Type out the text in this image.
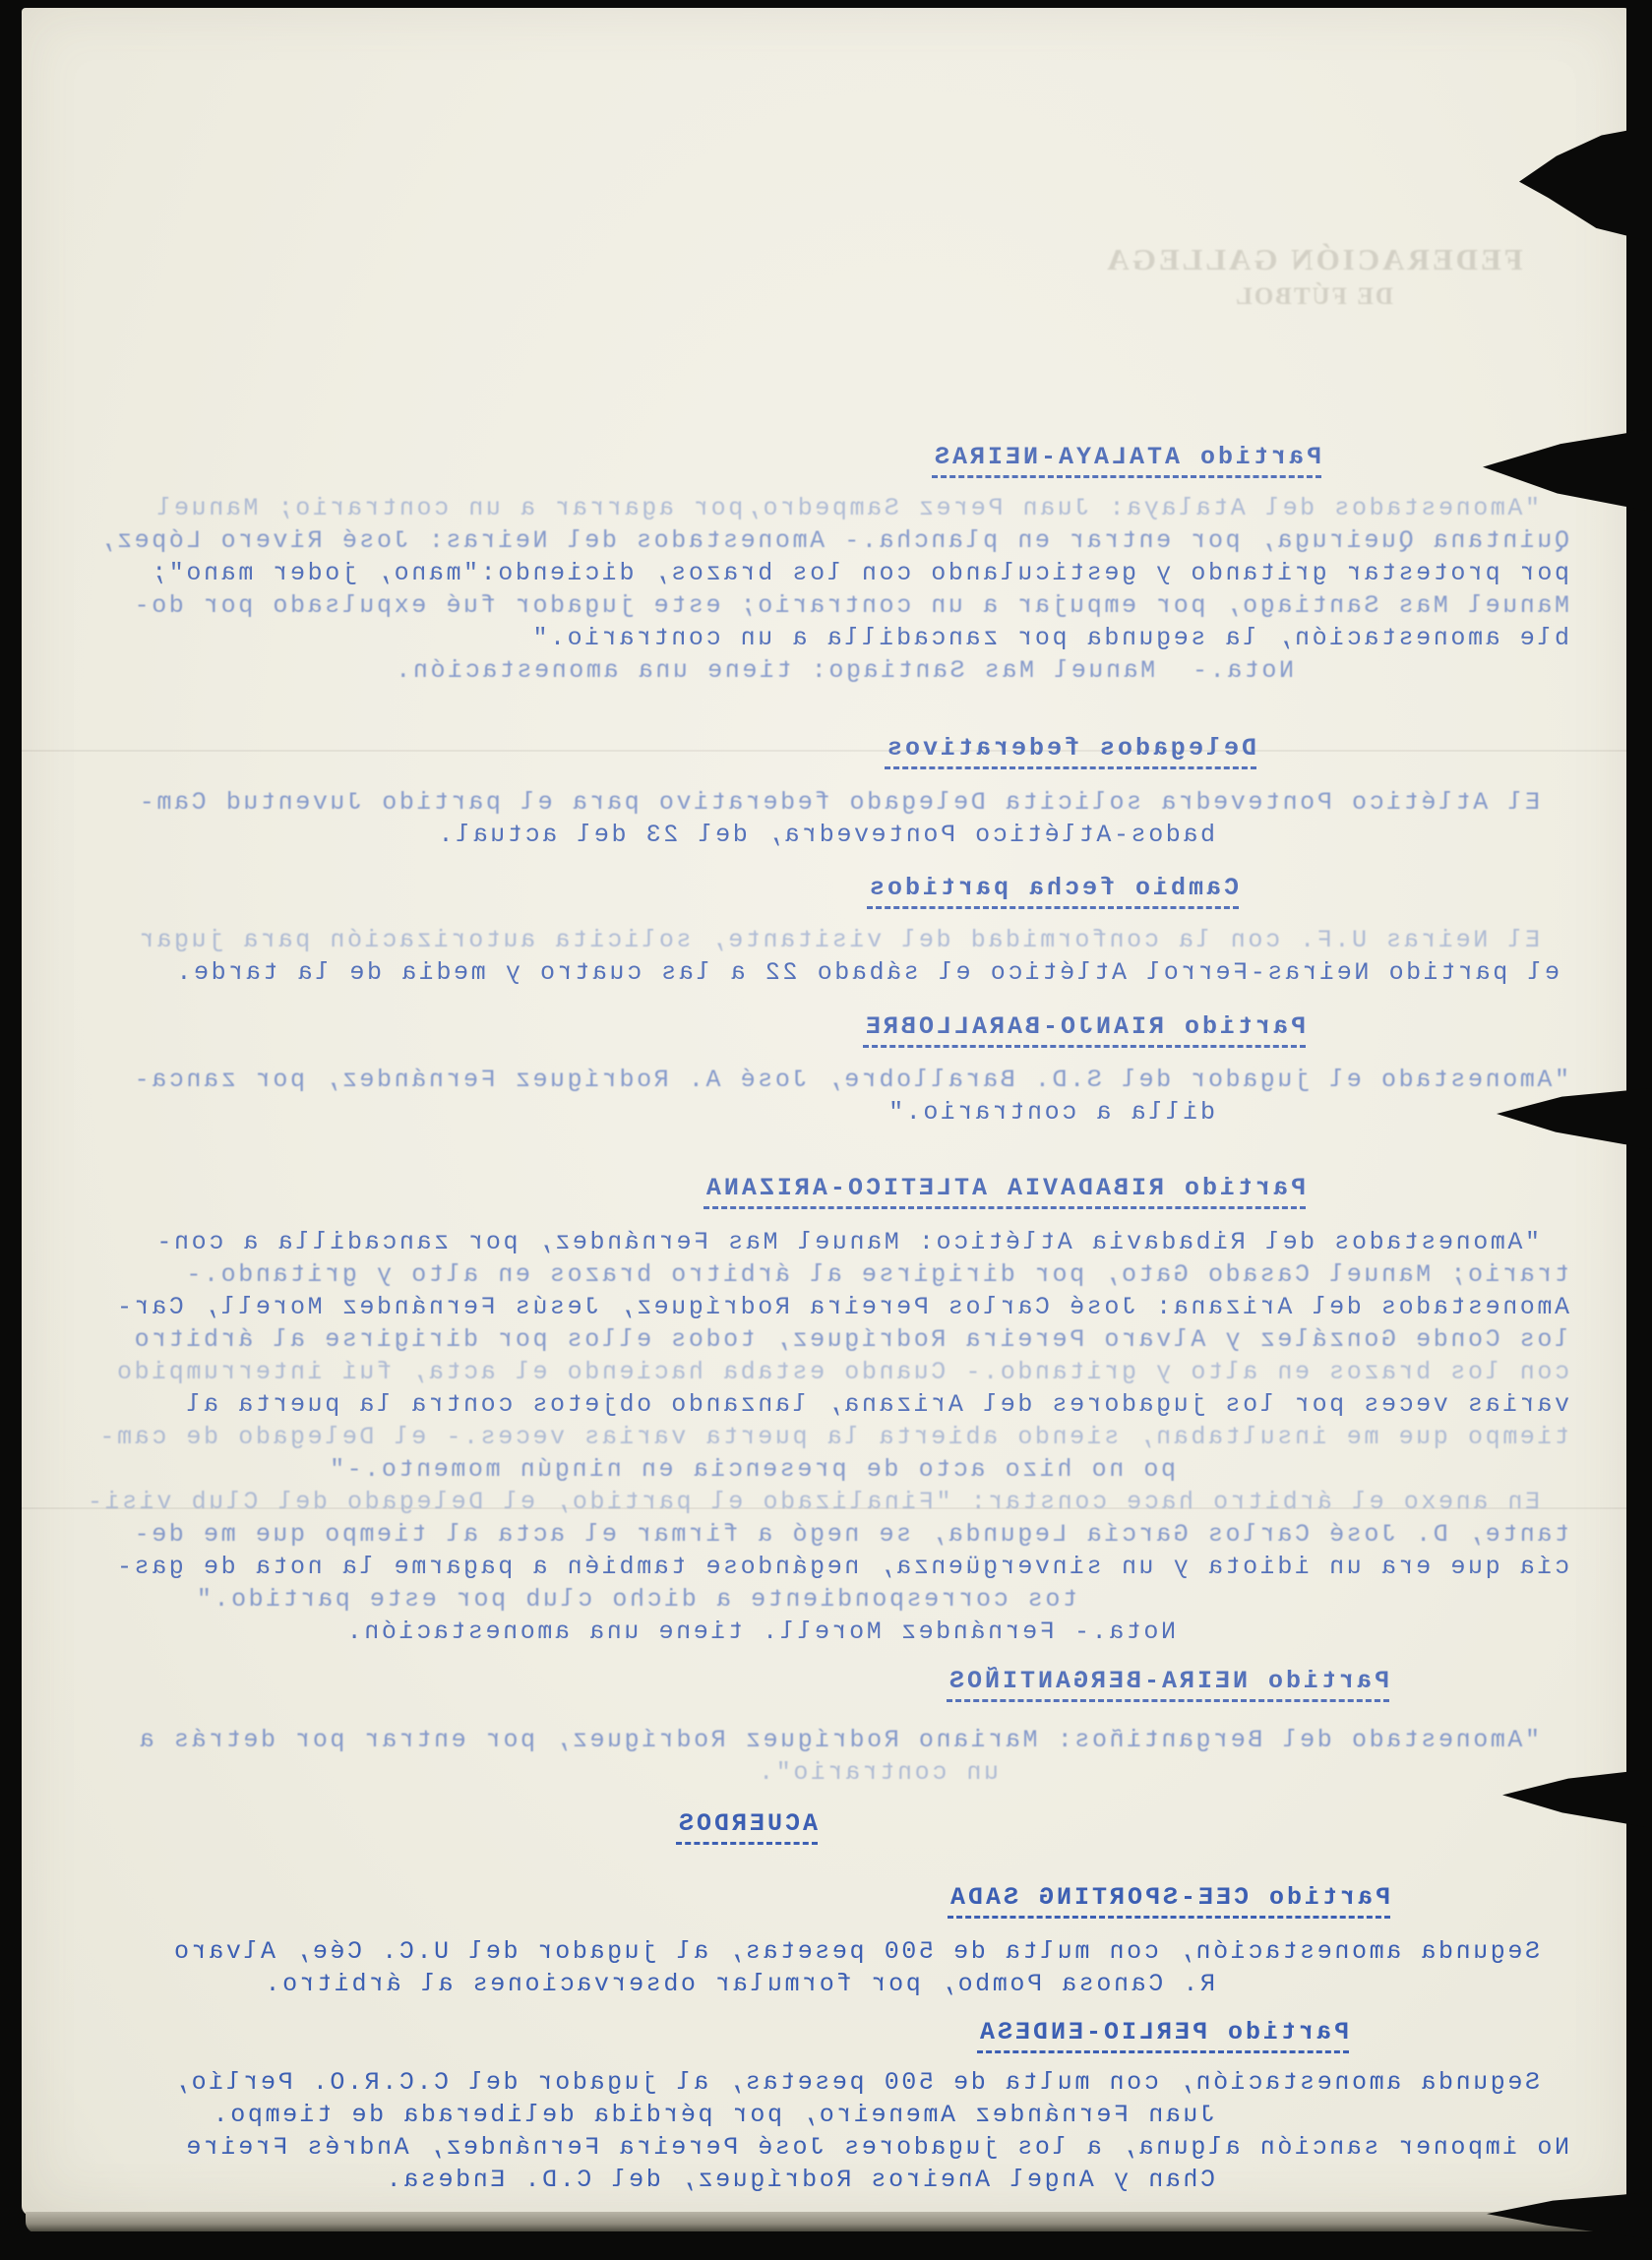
FEDERACIÓN GALLEGA
DE FÚTBOL
Partido ATALAYA-NEIRAS
"Amonestados del Atalaya: Juan Perez Sampedro,por agarrar a un contrario; Manuel
Quintana Queiruga, por entrar en plancha.- Amonestados del Neiras: José Rivero López,
por protestar gritando y gesticulando con los brazos, diciendo:"mano, joder mano";
Manuel Mas Santiago, por empujar a un contrario; este jugador fué expulsado por do-
ble amonestación, la segunda por zancadilla a un contrario."
Nota.-  Manuel Mas Santiago: tiene una amonestación.
Delegados federativos
El Atlético Pontevedra solicita Delegado federativo para el partido Juventud Cam-
bados-Atlético Pontevedra, del 23 del actual.
Cambio fecha partidos
El Neiras U.F. con la conformidad del visitante, solicita autorización para jugar
el partido Neiras-Ferrol Atlético el sábado 22 a las cuatro y media de la tarde.
Partido RIANJO-BARALLOBRE
"Amonestado el jugador del S.D. Barallobre, José A. Rodríguez Fernández, por zanca-
dilla a contrario."
Partido RIBADAVIA ATLETICO-ARIZANA
"Amonestados del Ribadavia Atlético: Manuel Mas Fernández, por zancadilla a con-
trario; Manuel Casado Gato, por dirigirse al árbitro brazos en alto y gritando.-
Amonestados del Arizana: José Carlos Pereira Rodríguez, Jesús Fernández Morell, Car-
los Conde González y Alvaro Pereira Rodríguez, todos ellos por dirigirse al árbitro
con los brazos en alto y gritando.- Cuando estaba haciendo el acta, fuí interrumpido
varias veces por los jugadores del Arizana, lanzando objetos contra la puerta al
tiempo que me insultaban, siendo abierta la puerta varias veces.- el Delegado de cam-
po no hizo acto de presencia en ningún momento.-"
En anexo el árbitro hace constar: "Finalizado el partido, el Delegado del Club visi-
tante, D. José Carlos García Legunda, se negó a firmar el acta al tiempo que me de-
cía que era un idiota y un sinvergüenza, negándose también a pagarme la nota de gas-
tos correspondiente a dicho club por este partido."
Nota.- Fernández Morell. tiene una amonestación.
Partido NEIRA-BERGANTIÑOS
"Amonestado del Bergantiños: Mariano Rodríguez Rodríguez, por entrar por detrás a
un contrario".
ACUERDOS
Partido CEE-SPORTING SADA
Segunda amonestación, con multa de 500 pesetas, al jugador del U.C. Cée, Alvaro
R. Canosa Pombo, por formular observaciones al árbitro.
Partido PERLIO-ENDESA
Segunda amonestación, con multa de 500 pesetas, al jugador del C.C.R.O. Perlío,
Juan Fernández Ameneiro, por pérdida deliberada de tiempo.
No imponer sanción alguna, a los jugadores José Pereira Fernández, Andrés Freire
Chan y Angel Aneiros Rodríguez, del C.D. Endesa.
